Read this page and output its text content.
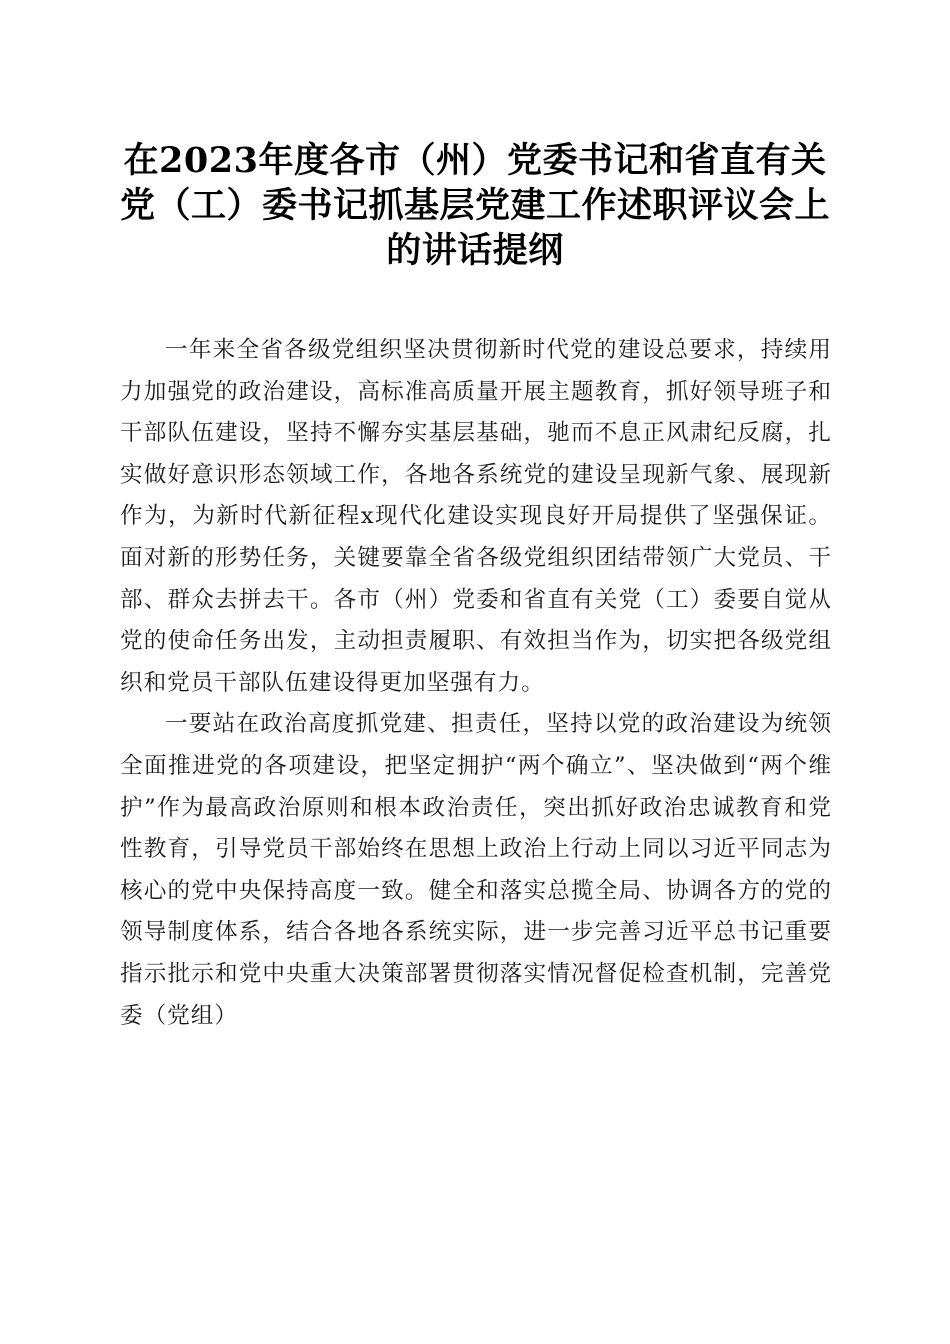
在2023年度各市（州）党委书记和省直有关
党（工）委书记抓基层党建工作述职评议会上
的讲话提纲

一年来全省各级党组织坚决贯彻新时代党的建设总要求，持续用力加强党的政治建设，高标准高质量开展主题教育，抓好领导班子和干部队伍建设，坚持不懈夯实基层基础，驰而不息正风肃纪反腐，扎实做好意识形态领域工作，各地各系统党的建设呈现新气象、展现新作为，为新时代新征程x现代化建设实现良好开局提供了坚强保证。面对新的形势任务，关键要靠全省各级党组织团结带领广大党员、干部、群众去拼去干。各市（州）党委和省直有关党（工）委要自觉从党的使命任务出发，主动担责履职、有效担当作为，切实把各级党组织和党员干部队伍建设得更加坚强有力。

一要站在政治高度抓党建、担责任，坚持以党的政治建设为统领全面推进党的各项建设，把坚定拥护“两个确立”、坚决做到“两个维护”作为最高政治原则和根本政治责任，突出抓好政治忠诚教育和党性教育，引导党员干部始终在思想上政治上行动上同以习近平同志为核心的党中央保持高度一致。健全和落实总揽全局、协调各方的党的领导制度体系，结合各地各系统实际，进一步完善习近平总书记重要指示批示和党中央重大决策部署贯彻落实情况督促检查机制，完善党委（党组）
